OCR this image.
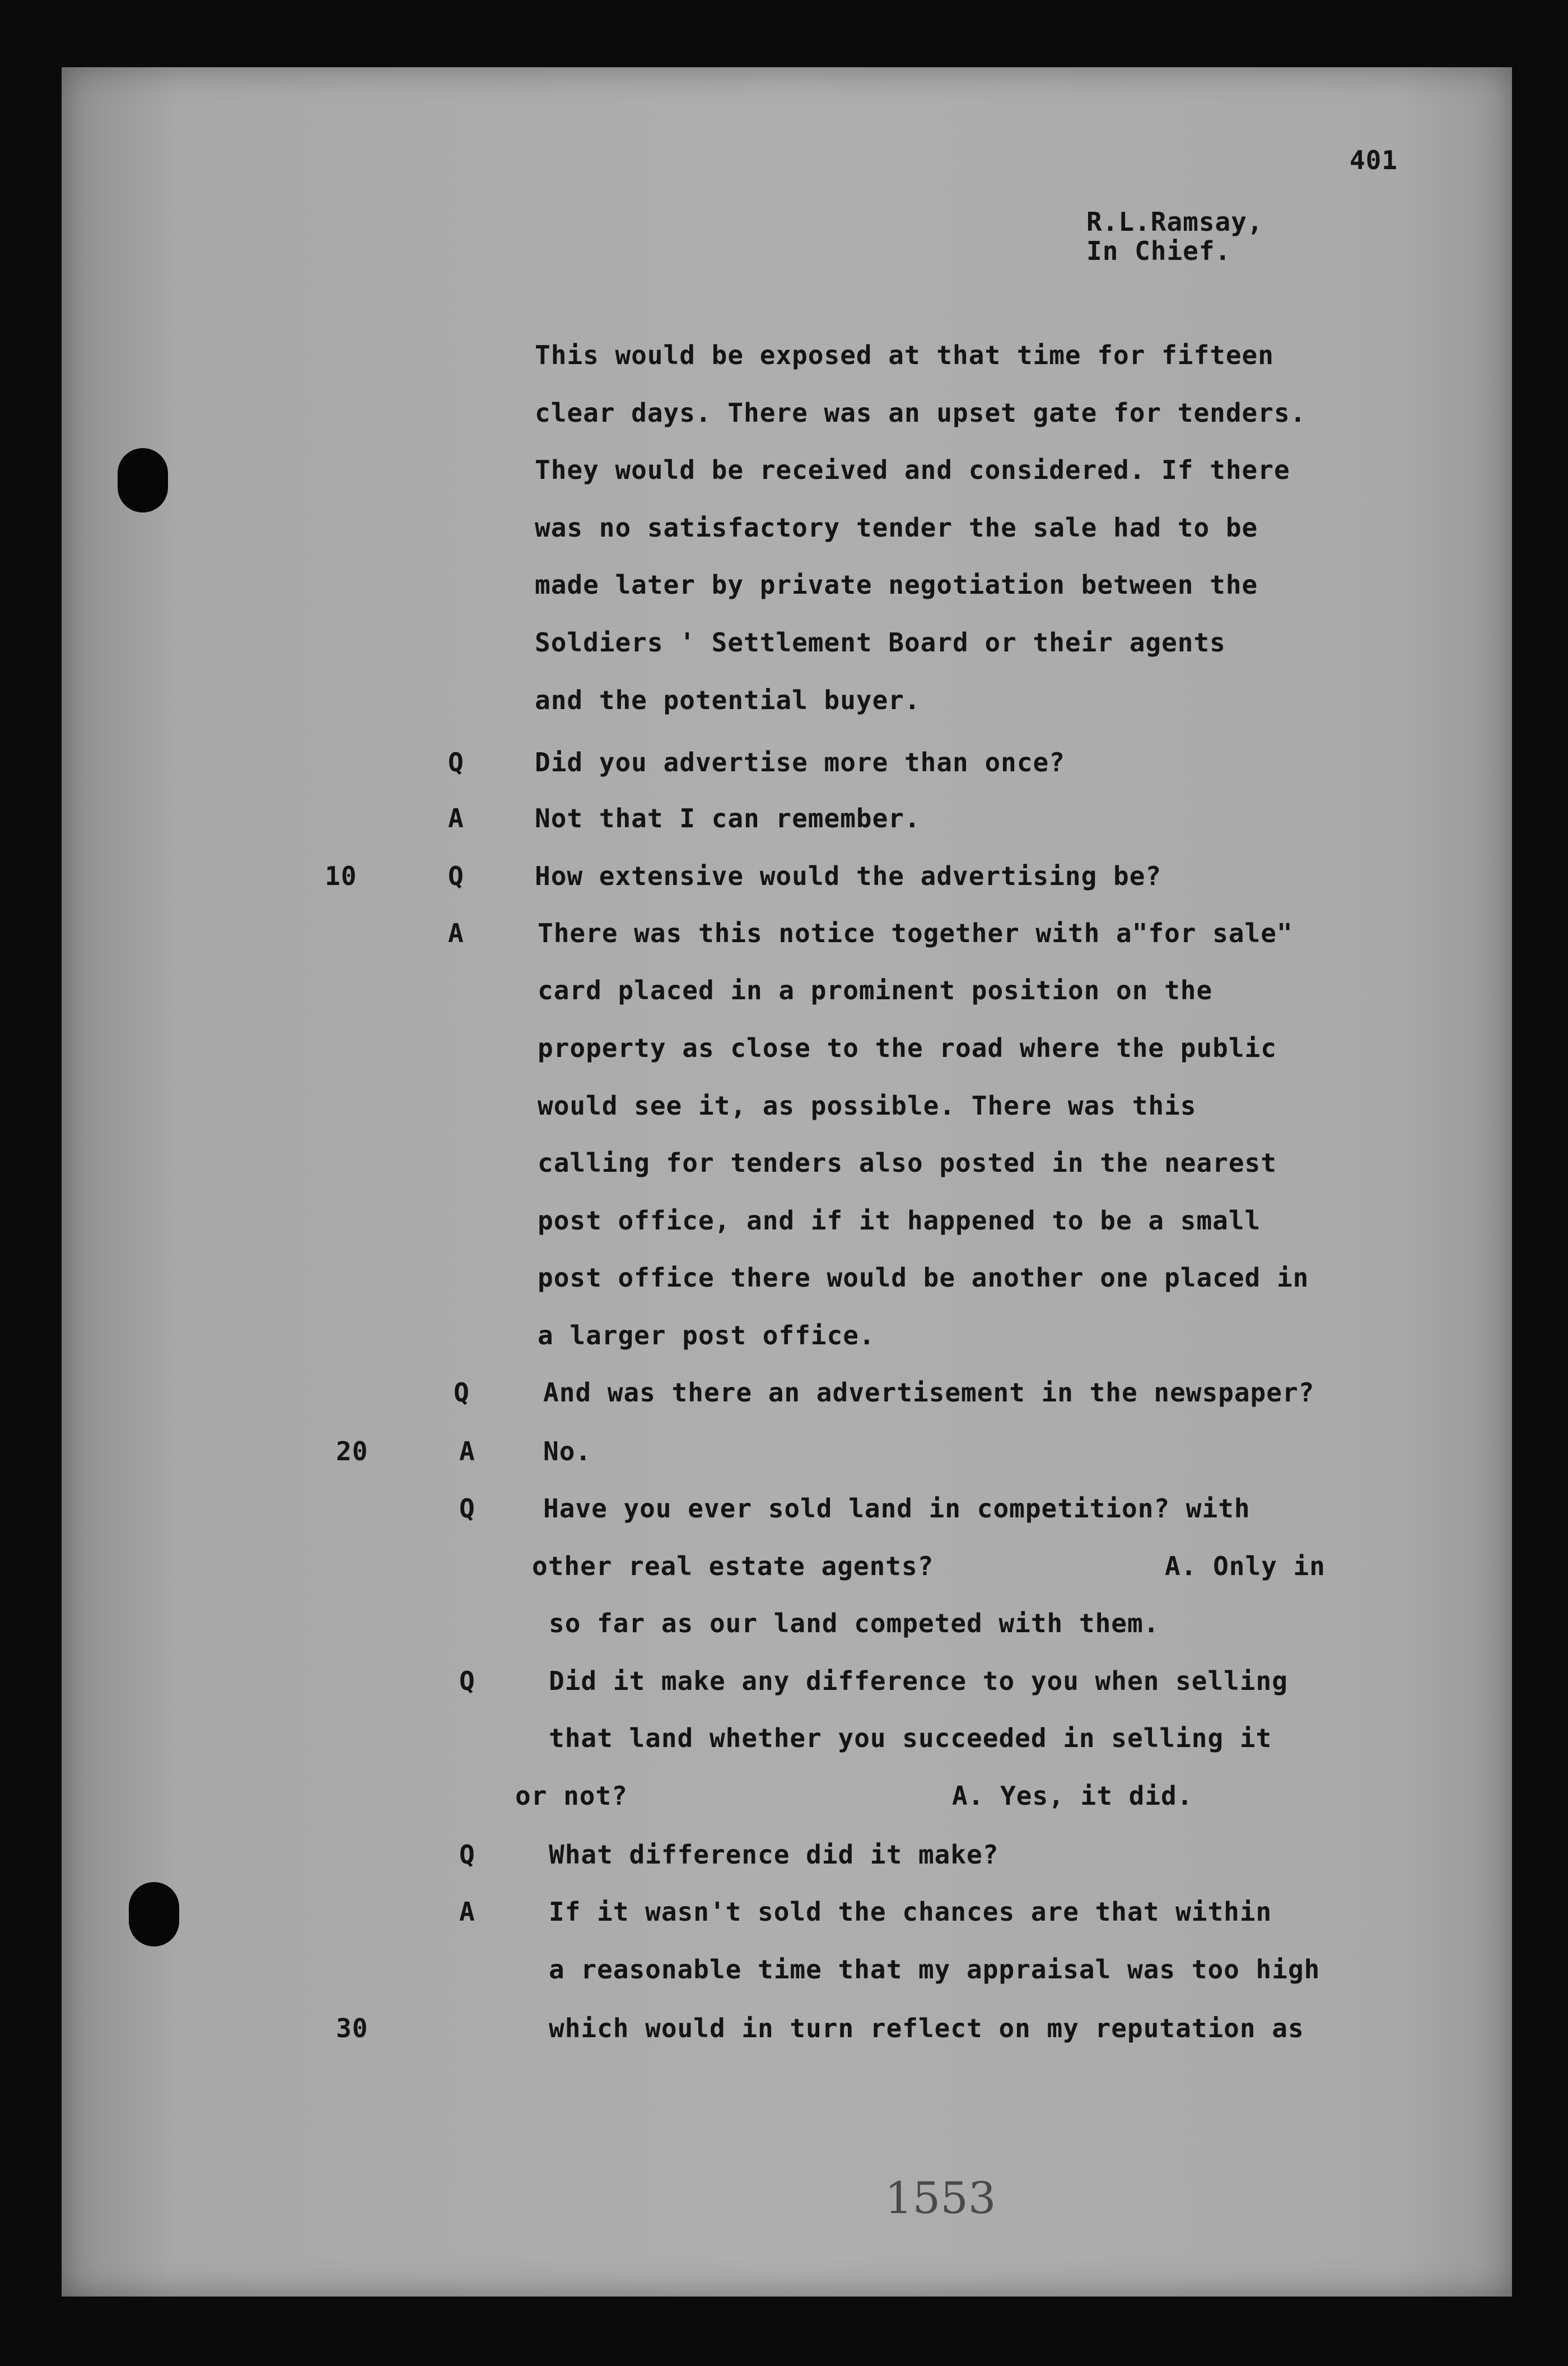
401
R.L.Ramsay,
In Chief.
10
20
30
Q
A
Q
A
Q
A
Q
Q
Q
A
This would be exposed at that time for fifteen
clear days. There was an upset gate for tenders.
They would be received and considered. If there
was no satisfactory tender the sale had to be
made later by private negotiation between the
Soldiers ' Settlement Board or their agents
and the potential buyer.
Did you advertise more than once?
Not that I can remember.
How extensive would the advertising be?
There was this notice together with a"for sale"
card placed in a prominent position on the
property as close to the road where the public
would see it, as possible. There was this
calling for tenders also posted in the nearest
post office, and if it happened to be a small
post office there would be another one placed in
a larger post office.
And was there an advertisement in the newspaper?
No.
Have you ever sold land in competition? with
other real estate agents?	A. Only in
so far as our land competed with them.
Did it make any difference to you when selling
that land whether you succeeded in selling it
or not?	A. Yes, it did.
What difference did it make?
If it wasn't sold the chances are that within
a reasonable time that my appraisal was too high
which would in turn reflect on my reputation as
1553
